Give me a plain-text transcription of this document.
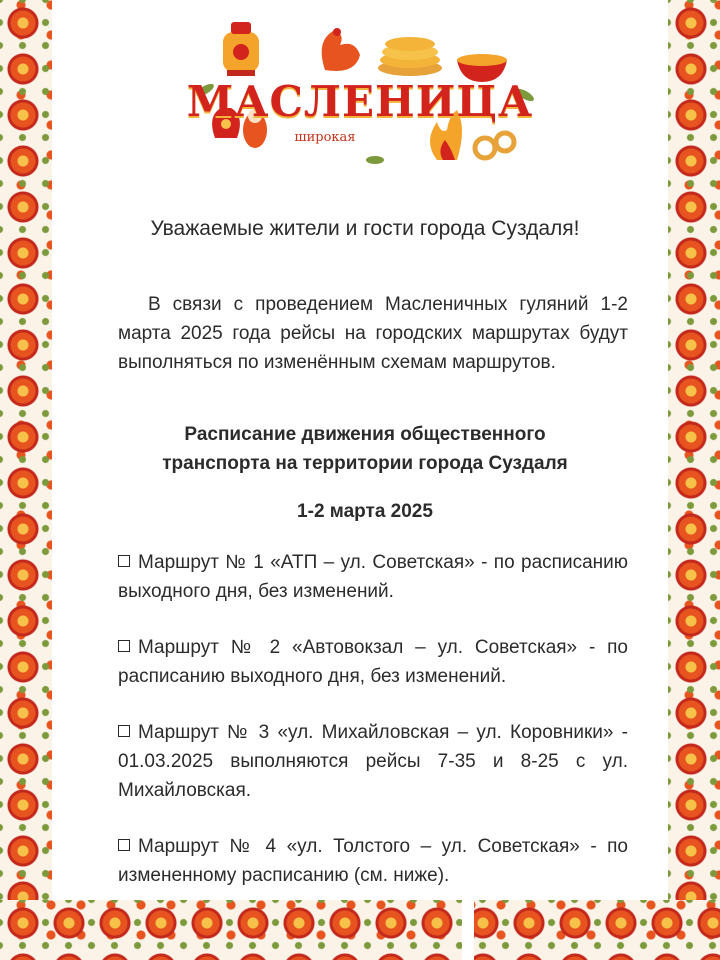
МАСЛЕНИЦА
широкая

Уважаемые жители и гости города Суздаля!

В связи с проведением Масленичных гуляний 1-2 марта 2025 года рейсы на городских маршрутах будут выполняться по изменённым схемам маршрутов.

Расписание движения общественного
транспорта на территории города Суздаля

1-2 марта 2025

Маршрут № 1 «АТП – ул. Советская» - по расписанию выходного дня, без изменений.
Маршрут № 2 «Автовокзал – ул. Советская» - по расписанию выходного дня, без изменений.
Маршрут № 3 «ул. Михайловская – ул. Коровники» - 01.03.2025 выполняются рейсы 7-35 и 8-25 с ул. Михайловская.
Маршрут № 4 «ул. Толстого – ул. Советская» - по измененному расписанию (см. ниже).
